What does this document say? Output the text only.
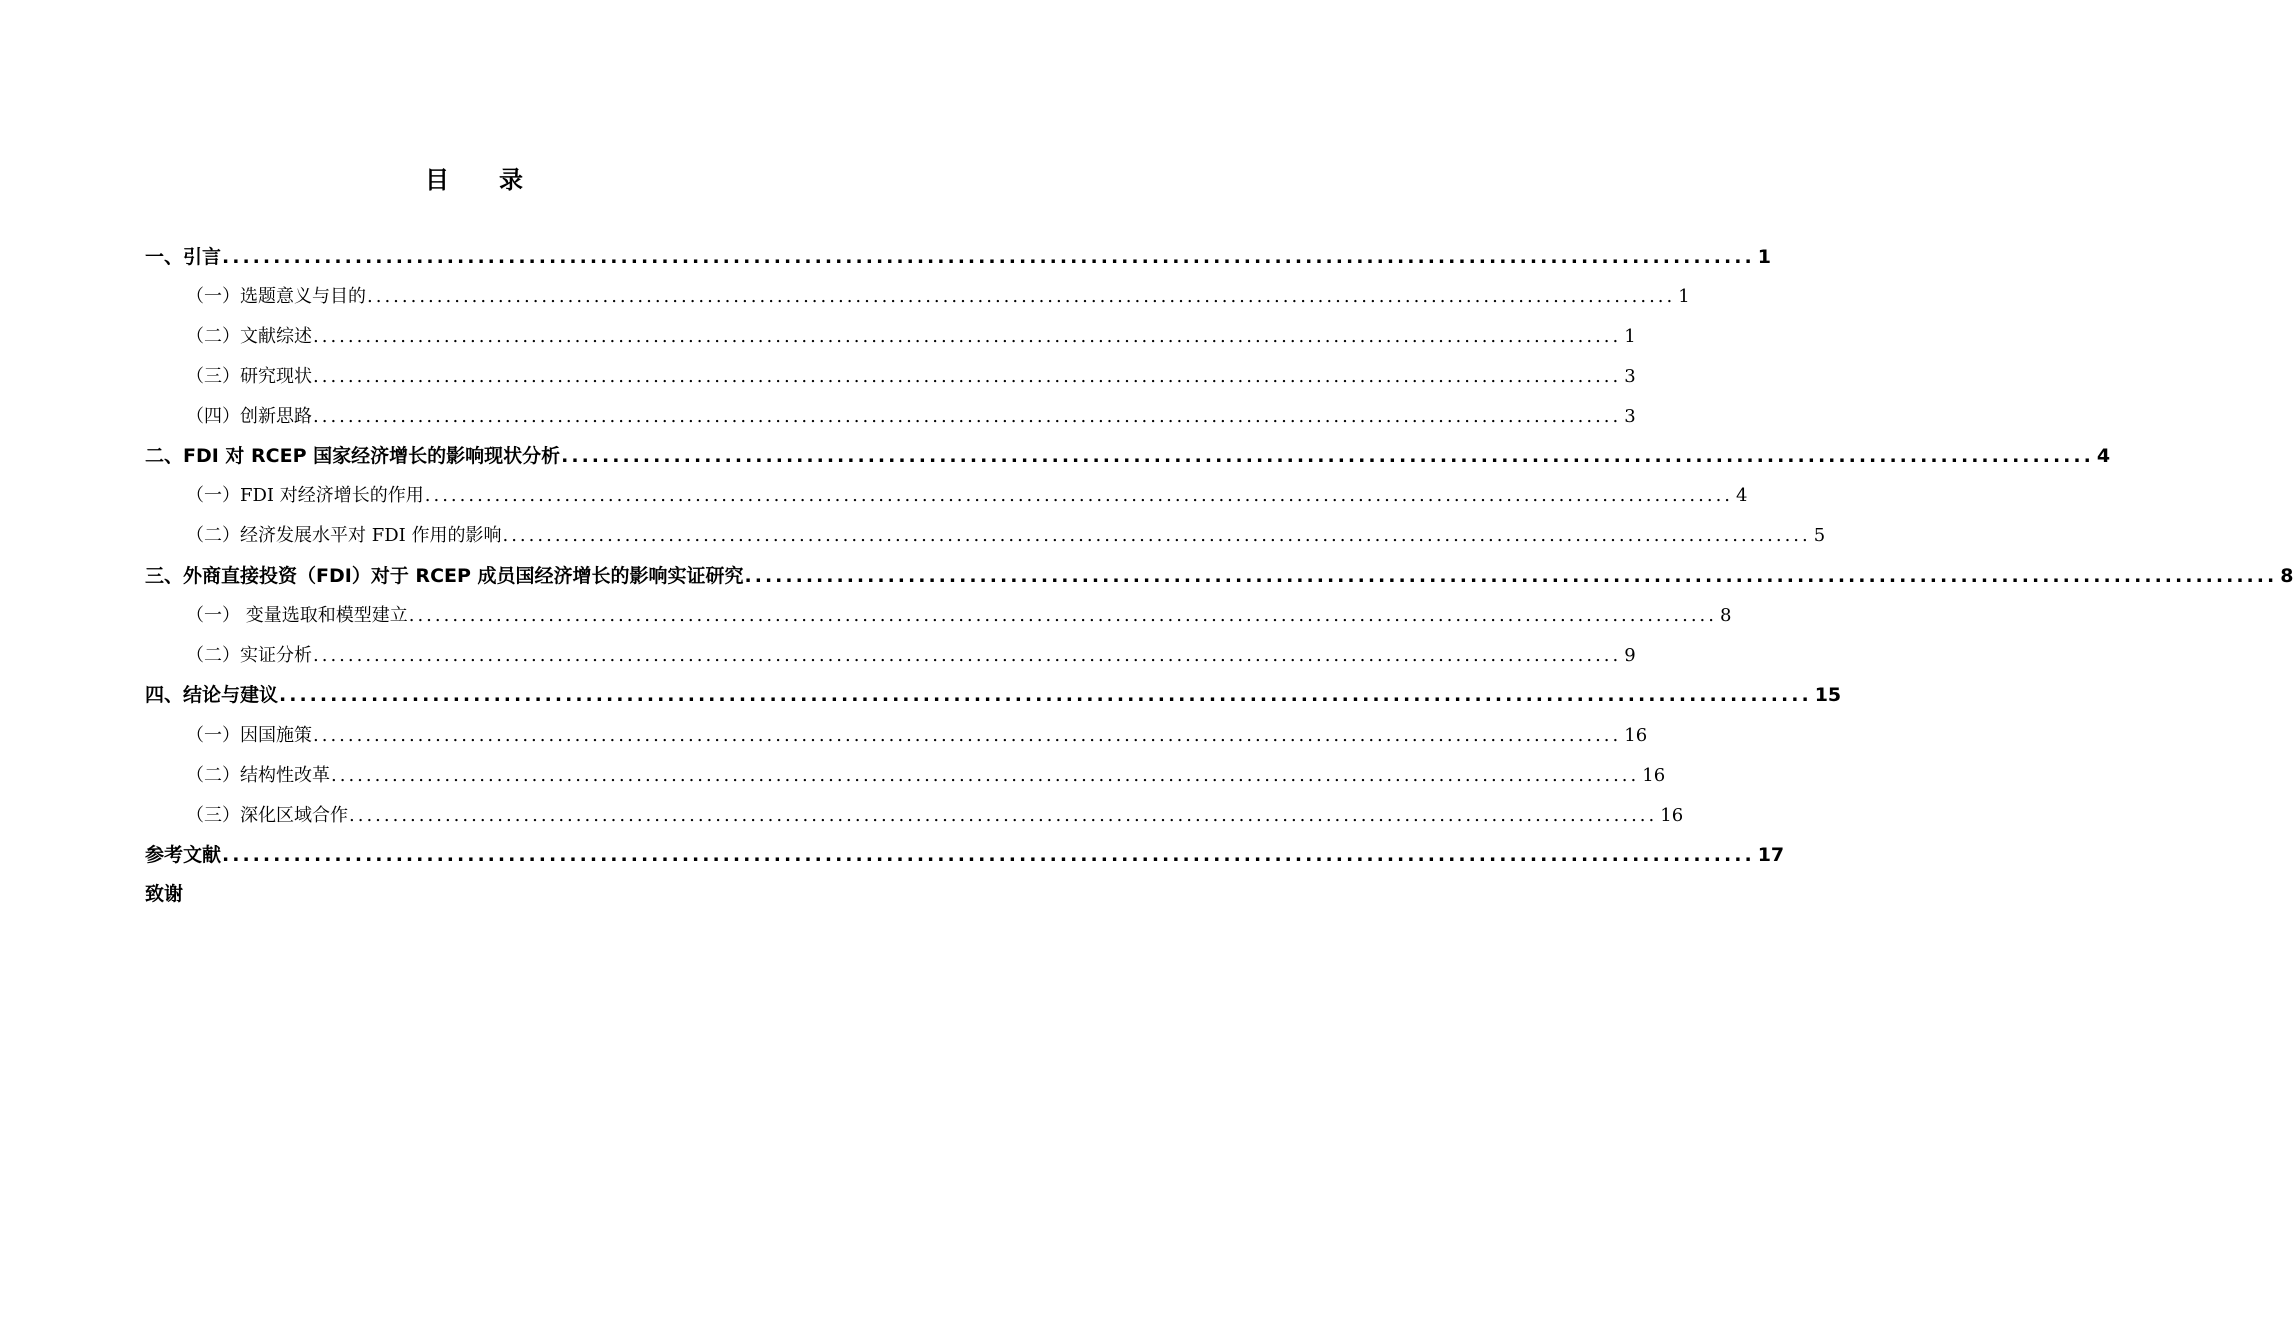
目 录
一、引言 ...................................................................................................................................................... 1
（一）选题意义与目的 ...................................................................................................................................................... 1
（二）文献综述 ...................................................................................................................................................... 1
（三）研究现状 ...................................................................................................................................................... 3
（四）创新思路 ...................................................................................................................................................... 3
二、FDI 对 RCEP 国家经济增长的影响现状分析 ...................................................................................................................................................... 4
（一）FDI 对经济增长的作用 ...................................................................................................................................................... 4
（二）经济发展水平对 FDI 作用的影响 ...................................................................................................................................................... 5
三、外商直接投资（FDI）对于 RCEP 成员国经济增长的影响实证研究 ...................................................................................................................................................... 8
（一） 变量选取和模型建立 ...................................................................................................................................................... 8
（二）实证分析 ...................................................................................................................................................... 9
四、结论与建议 ...................................................................................................................................................... 15
（一）因国施策 ...................................................................................................................................................... 16
（二）结构性改革 ...................................................................................................................................................... 16
（三）深化区域合作 ...................................................................................................................................................... 16
参考文献 ...................................................................................................................................................... 17
致谢
